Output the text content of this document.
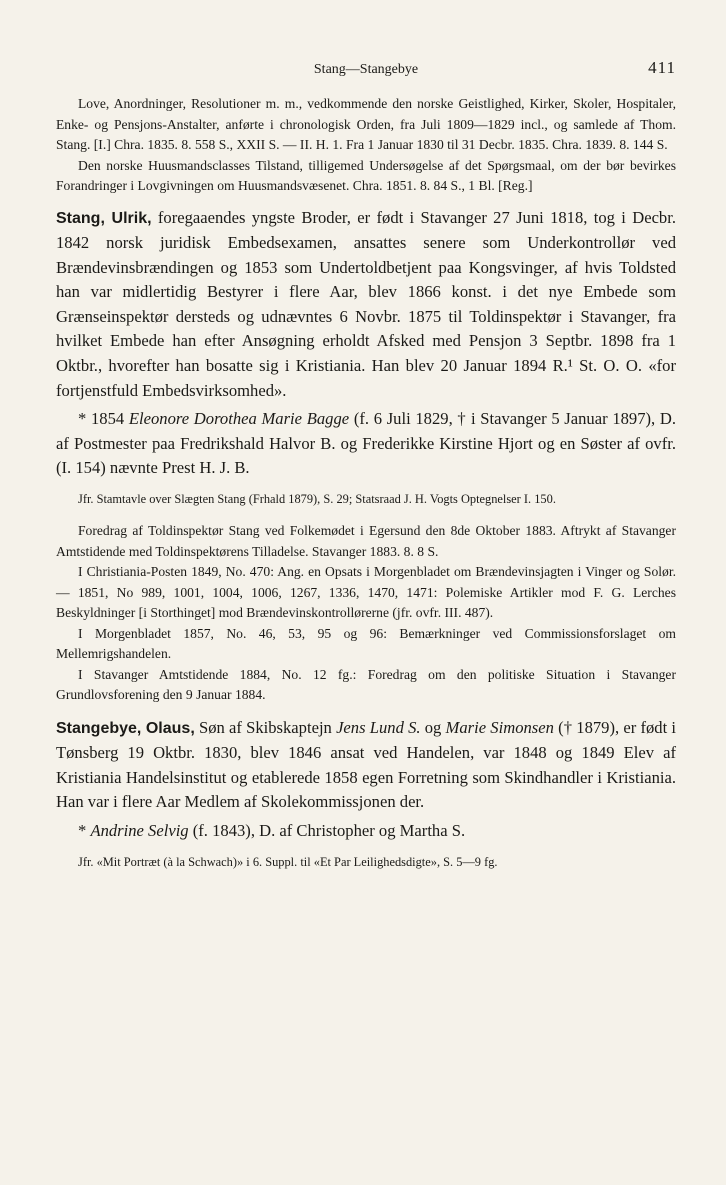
Stang—Stangebye	411

Love, Anordninger, Resolutioner m. m., vedkommende den norske Geistlighed, Kirker, Skoler, Hospitaler, Enke- og Pensjons-Anstalter, anførte i chronologisk Orden, fra Juli 1809—1829 incl., og samlede af Thom. Stang. [I.] Chra. 1835. 8. 558 S., XXII S. — II. H. 1. Fra 1 Januar 1830 til 31 Decbr. 1835. Chra. 1839. 8. 144 S.

Den norske Huusmandsclasses Tilstand, tilligemed Undersøgelse af det Spørgsmaal, om der bør bevirkes Forandringer i Lovgivningen om Huusmandsvæsenet. Chra. 1851. 8. 84 S., 1 Bl. [Reg.]

Stang, Ulrik, foregaaendes yngste Broder, er født i Stavanger 27 Juni 1818, tog i Decbr. 1842 norsk juridisk Embedsexamen, ansattes senere som Underkontrollør ved Brændevinsbrændingen og 1853 som Undertoldbetjent paa Kongsvinger, af hvis Toldsted han var midlertidig Bestyrer i flere Aar, blev 1866 konst. i det nye Embede som Grænseinspektør dersteds og udnævntes 6 Novbr. 1875 til Toldinspektør i Stavanger, fra hvilket Embede han efter Ansøgning erholdt Afsked med Pensjon 3 Septbr. 1898 fra 1 Oktbr., hvorefter han bosatte sig i Kristiania. Han blev 20 Januar 1894 R.¹ St. O. O. «for fortjenstfuld Embedsvirksomhed».

* 1854 Eleonore Dorothea Marie Bagge (f. 6 Juli 1829, † i Stavanger 5 Januar 1897), D. af Postmester paa Fredrikshald Halvor B. og Frederikke Kirstine Hjort og en Søster af ovfr. (I. 154) nævnte Prest H. J. B.

Jfr. Stamtavle over Slægten Stang (Frhald 1879), S. 29; Statsraad J. H. Vogts Optegnelser I. 150.

Foredrag af Toldinspektør Stang ved Folkemødet i Egersund den 8de Oktober 1883. Aftrykt af Stavanger Amtstidende med Toldinspektørens Tilladelse. Stavanger 1883. 8. 8 S.

I Christiania-Posten 1849, No. 470: Ang. en Opsats i Morgenbladet om Brændevinsjagten i Vinger og Solør. — 1851, No 989, 1001, 1004, 1006, 1267, 1336, 1470, 1471: Polemiske Artikler mod F. G. Lerches Beskyldninger [i Storthinget] mod Brændevinskontrollørerne (jfr. ovfr. III. 487).

I Morgenbladet 1857, No. 46, 53, 95 og 96: Bemærkninger ved Commissionsforslaget om Mellemrigshandelen.

I Stavanger Amtstidende 1884, No. 12 fg.: Foredrag om den politiske Situation i Stavanger Grundlovsforening den 9 Januar 1884.

Stangebye, Olaus, Søn af Skibskaptejn Jens Lund S. og Marie Simonsen († 1879), er født i Tønsberg 19 Oktbr. 1830, blev 1846 ansat ved Handelen, var 1848 og 1849 Elev af Kristiania Handelsinstitut og etablerede 1858 egen Forretning som Skindhandler i Kristiania. Han var i flere Aar Medlem af Skolekommissjonen der.

* Andrine Selvig (f. 1843), D. af Christopher og Martha S.

Jfr. «Mit Portræt (à la Schwach)» i 6. Suppl. til «Et Par Leilighedsdigte», S. 5—9 fg.
